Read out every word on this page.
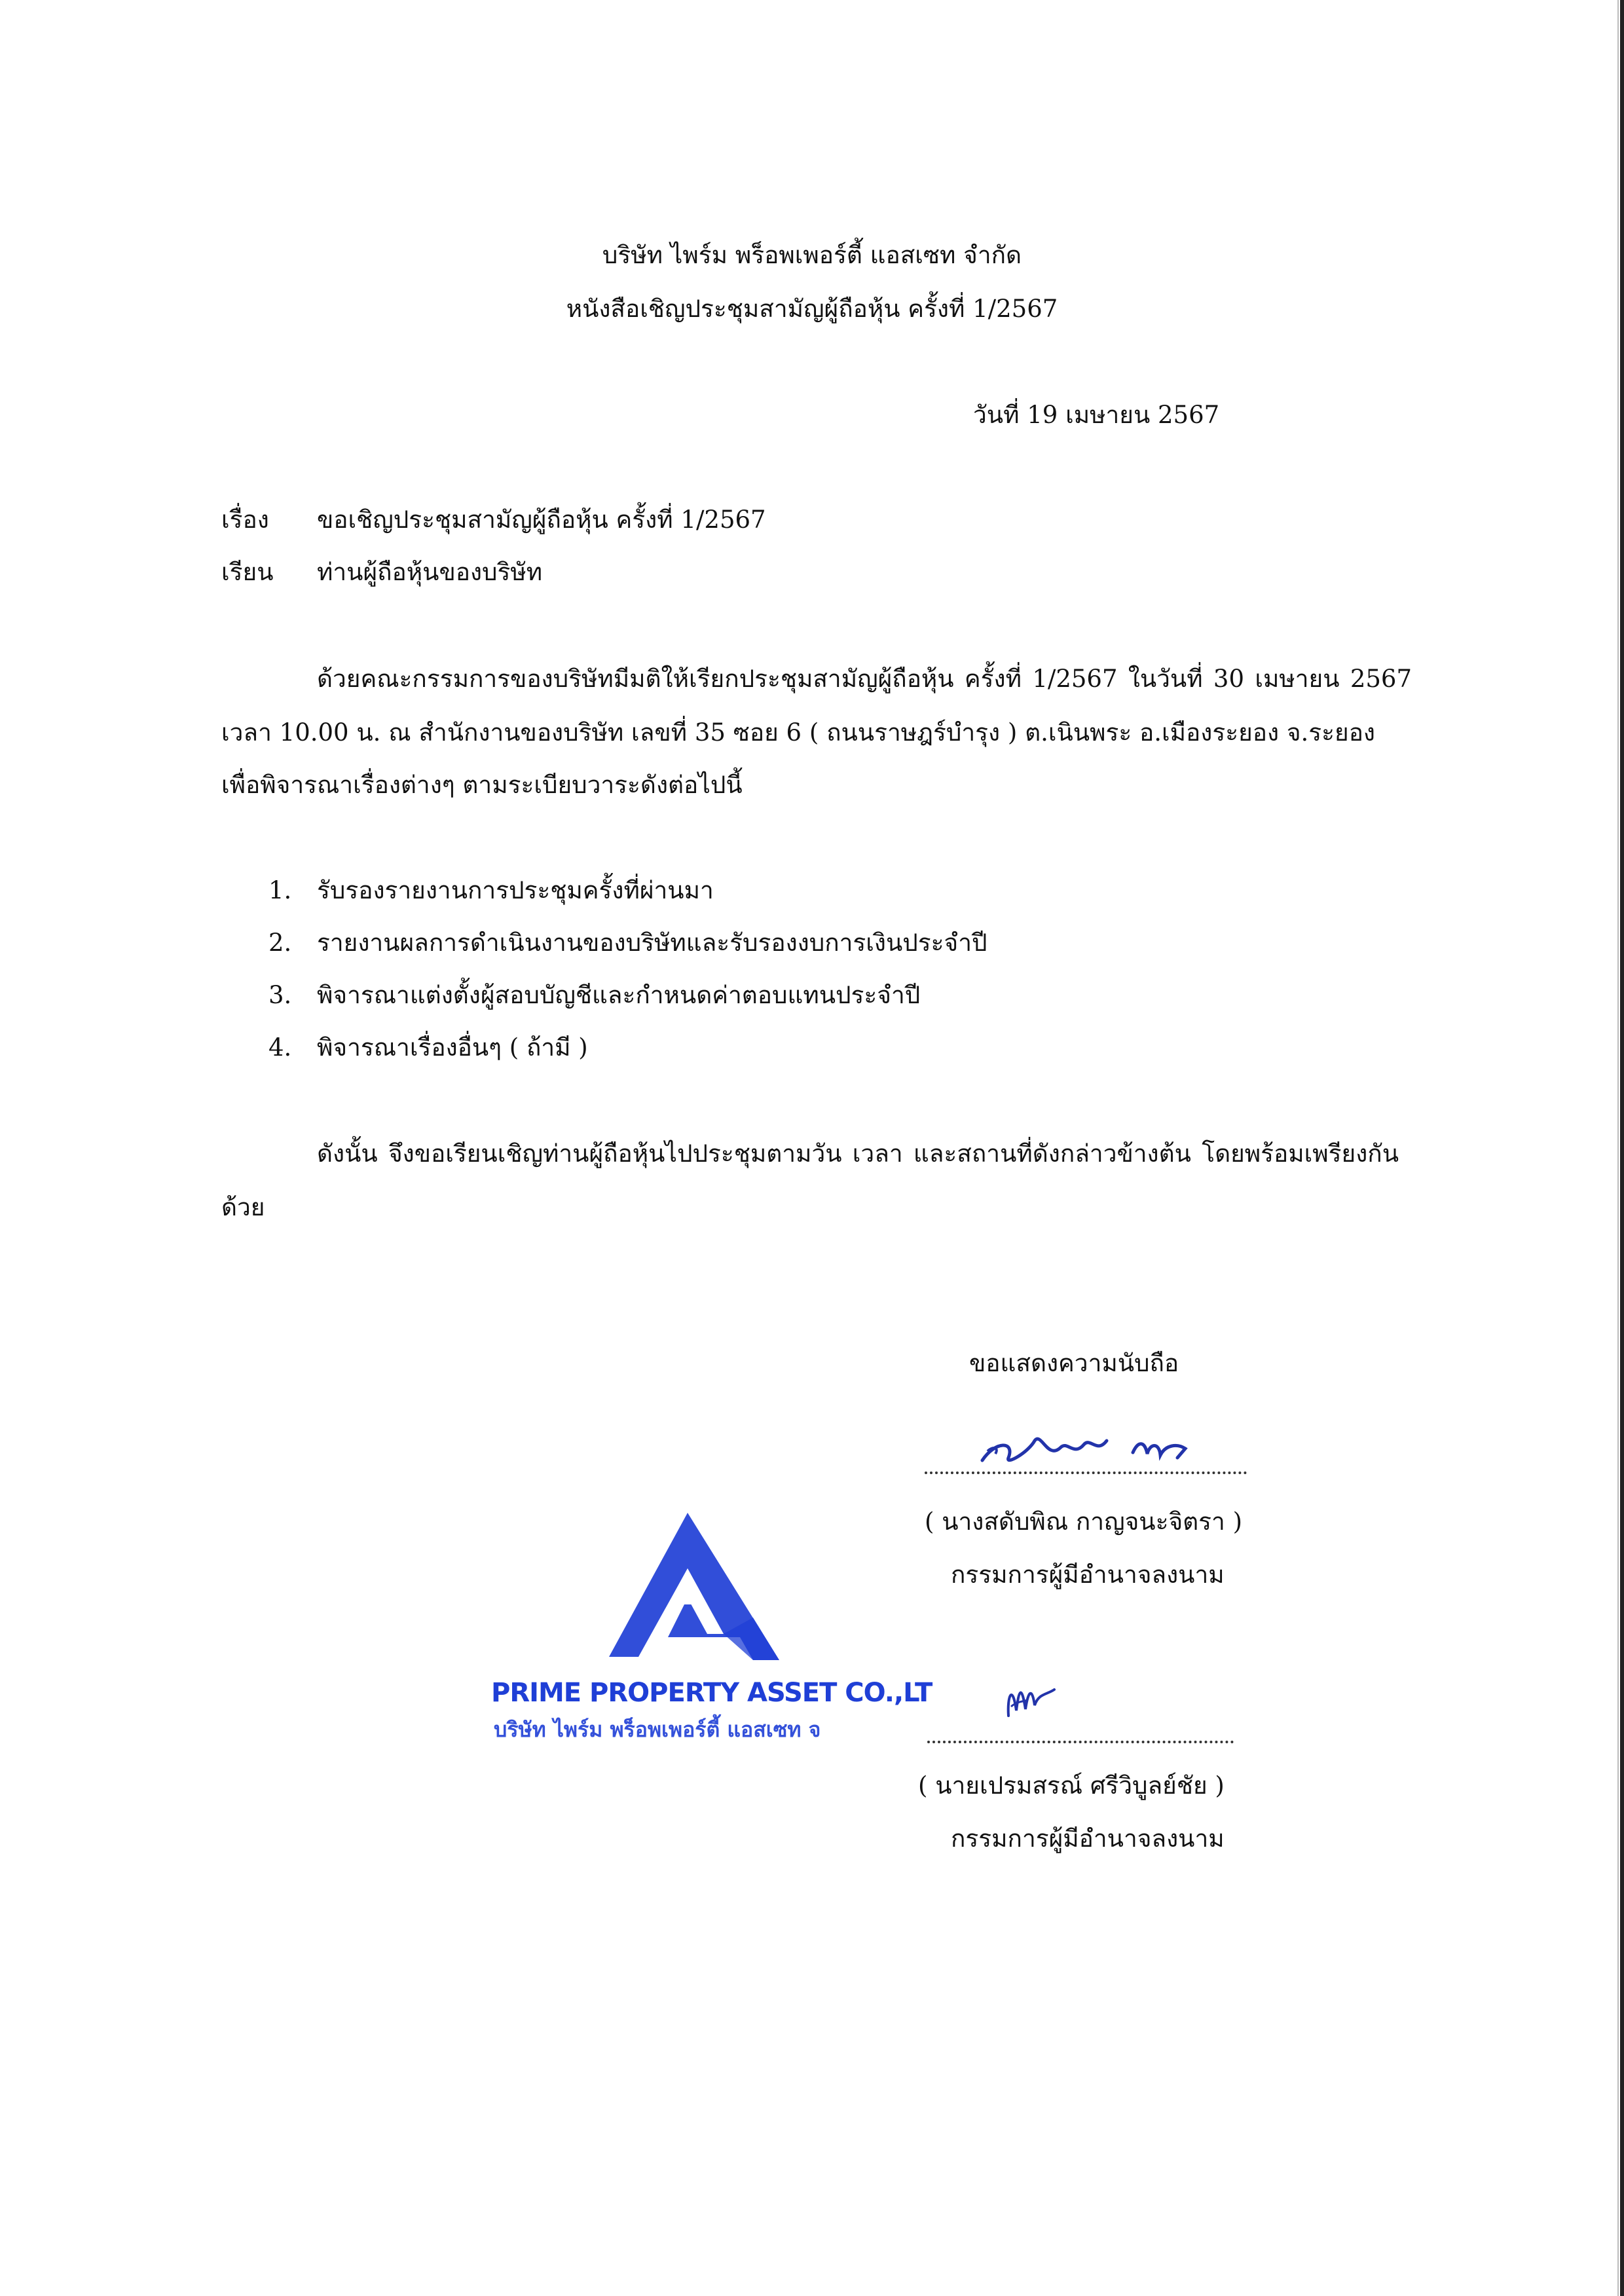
บริษัท ไพร์ม พร็อพเพอร์ตี้ แอสเซท จำกัด
หนังสือเชิญประชุมสามัญผู้ถือหุ้น ครั้งที่ 1/2567
วันที่ 19 เมษายน 2567
เรื่อง ขอเชิญประชุมสามัญผู้ถือหุ้น ครั้งที่ 1/2567
เรียน ท่านผู้ถือหุ้นของบริษัท
ด้วยคณะกรรมการของบริษัทมีมติให้เรียกประชุมสามัญผู้ถือหุ้น ครั้งที่ 1/2567 ในวันที่ 30 เมษายน 2567
เวลา 10.00 น. ณ สำนักงานของบริษัท เลขที่ 35 ซอย 6 ( ถนนราษฎร์บำรุง ) ต.เนินพระ อ.เมืองระยอง จ.ระยอง
เพื่อพิจารณาเรื่องต่างๆ ตามระเบียบวาระดังต่อไปนี้
1. รับรองรายงานการประชุมครั้งที่ผ่านมา
2. รายงานผลการดำเนินงานของบริษัทและรับรองงบการเงินประจำปี
3. พิจารณาแต่งตั้งผู้สอบบัญชีและกำหนดค่าตอบแทนประจำปี
4. พิจารณาเรื่องอื่นๆ ( ถ้ามี )
ดังนั้น จึงขอเรียนเชิญท่านผู้ถือหุ้นไปประชุมตามวัน เวลา และสถานที่ดังกล่าวข้างต้น โดยพร้อมเพรียงกัน
ด้วย
ขอแสดงความนับถือ
( นางสดับพิณ กาญจนะจิตรา )
กรรมการผู้มีอำนาจลงนาม
( นายเปรมสรณ์ ศรีวิบูลย์ชัย )
กรรมการผู้มีอำนาจลงนาม
PRIME PROPERTY ASSET CO.,LT
บริษัท ไพร์ม พร็อพเพอร์ตี้ แอสเซท จ
